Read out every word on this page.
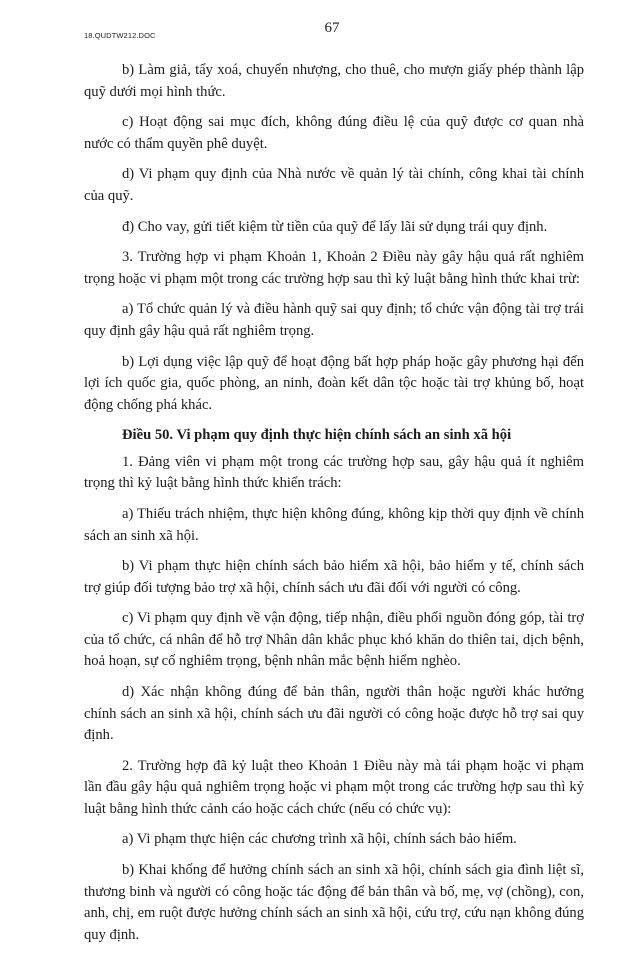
18.QUDTW212.DOC	67

b) Làm giả, tẩy xoá, chuyển nhượng, cho thuê, cho mượn giấy phép thành lập quỹ dưới mọi hình thức.

c) Hoạt động sai mục đích, không đúng điều lệ của quỹ được cơ quan nhà nước có thẩm quyền phê duyệt.

d) Vi phạm quy định của Nhà nước về quản lý tài chính, công khai tài chính của quỹ.

đ) Cho vay, gửi tiết kiệm từ tiền của quỹ để lấy lãi sử dụng trái quy định.

3. Trường hợp vi phạm Khoản 1, Khoản 2 Điều này gây hậu quả rất nghiêm trọng hoặc vi phạm một trong các trường hợp sau thì kỷ luật bằng hình thức khai trừ:

a) Tổ chức quản lý và điều hành quỹ sai quy định; tổ chức vận động tài trợ trái quy định gây hậu quả rất nghiêm trọng.

b) Lợi dụng việc lập quỹ để hoạt động bất hợp pháp hoặc gây phương hại đến lợi ích quốc gia, quốc phòng, an ninh, đoàn kết dân tộc hoặc tài trợ khủng bố, hoạt động chống phá khác.

Điều 50. Vi phạm quy định thực hiện chính sách an sinh xã hội

1. Đảng viên vi phạm một trong các trường hợp sau, gây hậu quả ít nghiêm trọng thì kỷ luật bằng hình thức khiển trách:

a) Thiếu trách nhiệm, thực hiện không đúng, không kịp thời quy định về chính sách an sinh xã hội.

b) Vi phạm thực hiện chính sách bảo hiểm xã hội, bảo hiểm y tế, chính sách trợ giúp đối tượng bảo trợ xã hội, chính sách ưu đãi đối với người có công.

c) Vi phạm quy định về vận động, tiếp nhận, điều phối nguồn đóng góp, tài trợ của tổ chức, cá nhân để hỗ trợ Nhân dân khắc phục khó khăn do thiên tai, dịch bệnh, hoả hoạn, sự cố nghiêm trọng, bệnh nhân mắc bệnh hiểm nghèo.

d) Xác nhận không đúng để bản thân, người thân hoặc người khác hưởng chính sách an sinh xã hội, chính sách ưu đãi người có công hoặc được hỗ trợ sai quy định.

2. Trường hợp đã kỷ luật theo Khoản 1 Điều này mà tái phạm hoặc vi phạm lần đầu gây hậu quả nghiêm trọng hoặc vi phạm một trong các trường hợp sau thì kỷ luật bằng hình thức cảnh cáo hoặc cách chức (nếu có chức vụ):

a) Vi phạm thực hiện các chương trình xã hội, chính sách bảo hiểm.

b) Khai khống để hưởng chính sách an sinh xã hội, chính sách gia đình liệt sĩ, thương binh và người có công hoặc tác động để bản thân và bố, mẹ, vợ (chồng), con, anh, chị, em ruột được hưởng chính sách an sinh xã hội, cứu trợ, cứu nạn không đúng quy định.
